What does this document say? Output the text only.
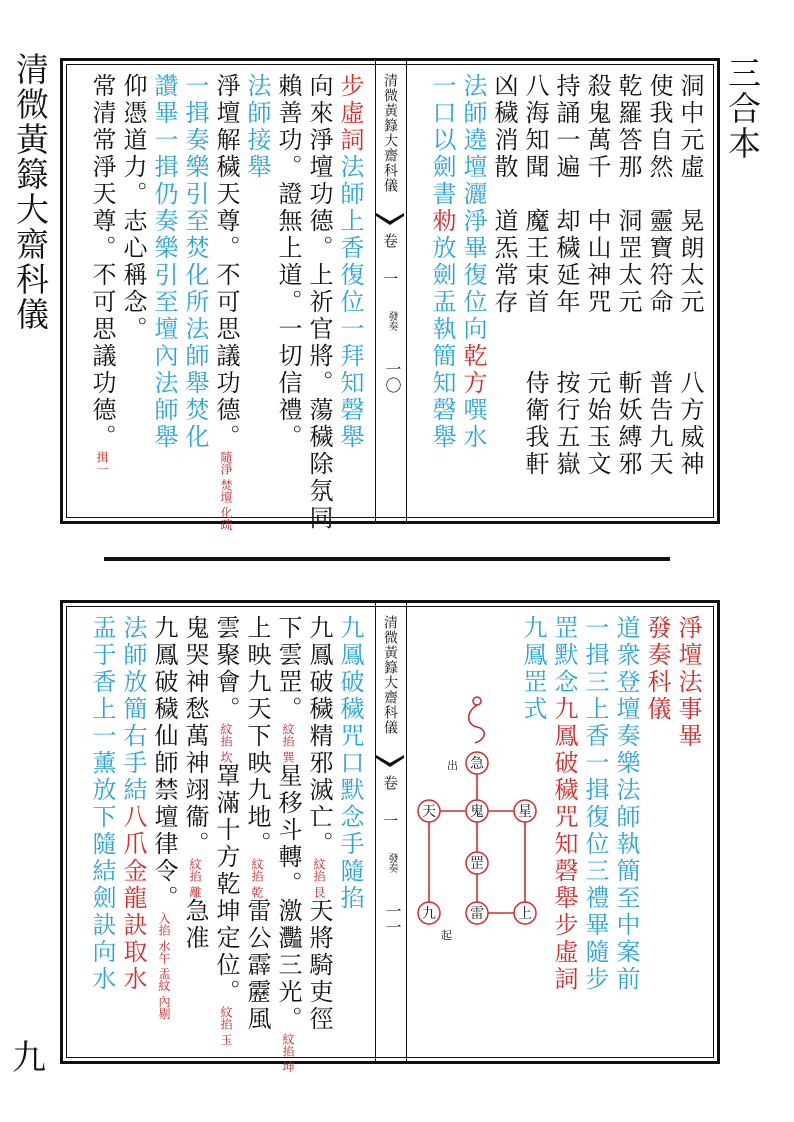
清微黃籙大齋科儀	三合本
九
洞中元虛　晃朗太元　　八方威神
使我自然　靈寶符命　　普告九天
乾羅答那　洞罡太元　　斬妖縛邪
殺鬼萬千　中山神咒　　元始玉文
持誦一遍　却穢延年　　按行五嶽
八海知聞　魔王束首　　侍衛我軒
凶穢消散　道炁常存
法師遶壇灑淨畢復位向乾方噀水
一口以劍書勑放劍盂執簡知磬舉
清微黃籙大齋科儀
卷
一
發奏
一〇
步虛詞法師上香復位一拜知磬舉
向來淨壇功德。上祈官將。蕩穢除氛同
賴善功。證無上道。一切信禮。
法師接舉
淨壇解穢天尊。不可思議功德。隨淨 焚壇 化疏
一揖奏樂引至焚化所法師舉焚化
讚畢一揖仍奏樂引至壇內法師舉
仰憑道力。志心稱念。
常清常淨天尊。不可思議功德。揖一
淨壇法事畢
發奏科儀
道衆登壇奏樂法師執簡至中案前
一揖三上香一揖復位三禮畢隨步
罡默念九鳳破穢咒知磬舉步虛詞
九鳳罡式
急
鬼
罡
雷
星
上
天
九
出
起
清微黃籙大齋科儀
卷
一
發奏
一一
九鳳破穢咒口默念手隨掐
九鳳破穢精邪滅亡。紋掐 艮天將騎吏徑
下雲罡。紋掐 巽星移斗轉。激灩三光。紋掐 坤
上映九天下映九地。紋掐 乾雷公霹靂風
雲聚會。紋掐 坎罩滿十方乾坤定位。紋掐 玉
鬼哭神愁萬神翊衞。紋掐 離急准
九鳳破穢仙師禁壇律令。入掐 水午 盂紋 內剔
法師放簡右手結八爪金龍訣取水
盂于香上一薰放下隨結劍訣向水
